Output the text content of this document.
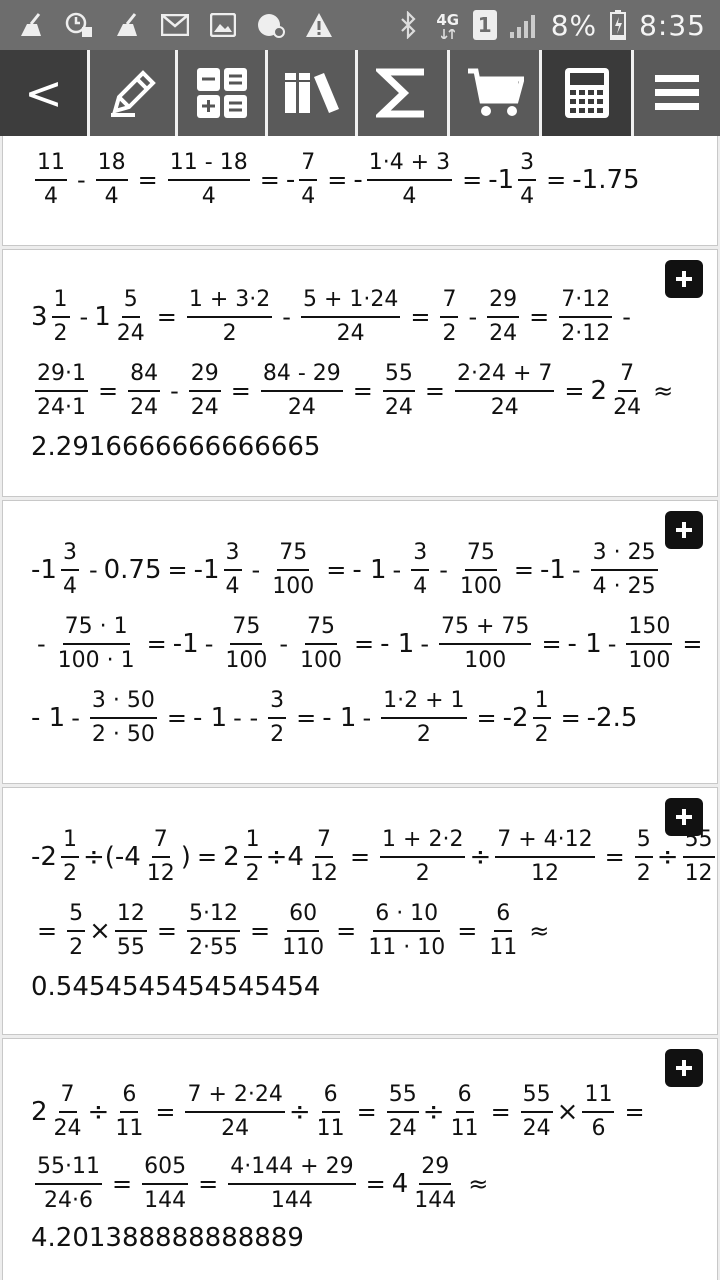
4G 1 8% 8:35
<
$\frac{11}{4} - \frac{18}{4} = \frac{11 - 18}{4}$ = - $\frac{7}{4}$ = - $\frac{1\cdot 4 + 3}{4} = -1 \frac{3}{4} = -1.75$
$3 \frac{1}{2} - 1 \frac{5}{24} = \frac{1 + 3\cdot 2}{2} - \frac{5 + 1\cdot 24}{24} = \frac{7}{2} - \frac{29}{24} = \frac{7\cdot 12}{2\cdot 12}$ -
$\frac{29\cdot 1}{24\cdot 1} = \frac{84}{24} - \frac{29}{24} = \frac{84 - 29}{24} = \frac{55}{24} = \frac{2\cdot 24 + 7}{24} = 2 \frac{7}{24}$ ≈
2.2916666666666665
$-1 \frac{3}{4} - 0.75 = -1 \frac{3}{4} - \frac{75}{100}$ = - $1 - \frac{3}{4} - \frac{75}{100} = -1 - \frac{3 \cdot 25}{4 \cdot 25}$
- $\frac{75 \cdot 1}{100 \cdot 1} = -1 - \frac{75}{100} - \frac{75}{100}$ = - $1 - \frac{75 + 75}{100}$ = - $1 - \frac{150}{100}$ =
- $1 - \frac{3 \cdot 50}{2 \cdot 50}$ = - 1 - - $\frac{3}{2}$ = - $1 - \frac{1\cdot 2 + 1}{2} = -2 \frac{1}{2} = -2.5$
$-2 \frac{1}{2} \div(-4 \frac{7}{12}$ ) = $2 \frac{1}{2} \div 4 \frac{7}{12} = \frac{1 + 2\cdot 2}{2} \div \frac{7 + 4\cdot 12}{12} = \frac{5}{2} \div \frac{55}{12}$
= $\frac{5}{2} \times \frac{12}{55} = \frac{5\cdot 12}{2\cdot 55} = \frac{60}{110} = \frac{6 \cdot 10}{11 \cdot 10} = \frac{6}{11}$ ≈
0.5454545454545454
$2 \frac{7}{24} \div \frac{6}{11} = \frac{7 + 2\cdot 24}{24} \div \frac{6}{11} = \frac{55}{24} \div \frac{6}{11} = \frac{55}{24} \times \frac{11}{6}$ =
$\frac{55\cdot 11}{24\cdot 6} = \frac{605}{144} = \frac{4\cdot 144 + 29}{144} = 4 \frac{29}{144}$ ≈
4.201388888888889
